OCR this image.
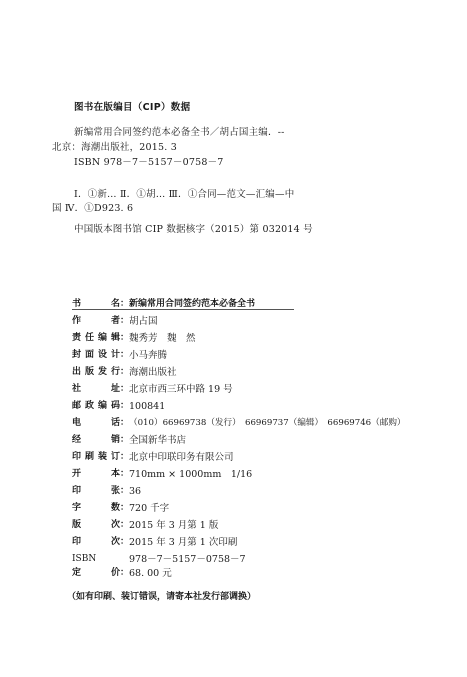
图书在版编目（CIP）数据

新编常用合同签约范本必备全书／胡占国主编．--

北京：海潮出版社，2015. 3

ISBN 978－7－5157－0758－7

Ⅰ．①新… Ⅱ．①胡… Ⅲ．①合同—范文—汇编—中

国 Ⅳ．①D923. 6

中国版本图书馆 CIP 数据核字（2015）第 032014 号

书名 ： 新编常用合同签约范本必备全书
作者 ： 胡占国
责任编辑 ： 魏秀芳　魏　然
封面设计 ： 小马奔腾
出版发行 ： 海潮出版社
社址 ： 北京市西三环中路 19 号
邮政编码 ： 100841
电话 ： （010）66969738（发行）　66969737（编辑）　66969746（邮购）
经销 ： 全国新华书店
印刷装订 ： 北京中印联印务有限公司
开本 ： 710mm × 1000mm　1/16
印张 ： 36
字数 ： 720 千字
版次 ： 2015 年 3 月第 1 版
印次 ： 2015 年 3 月第 1 次印刷
ISBN	978－7－5157－0758－7
定价 ： 68. 00 元

（如有印刷、装订错误，请寄本社发行部调换）
